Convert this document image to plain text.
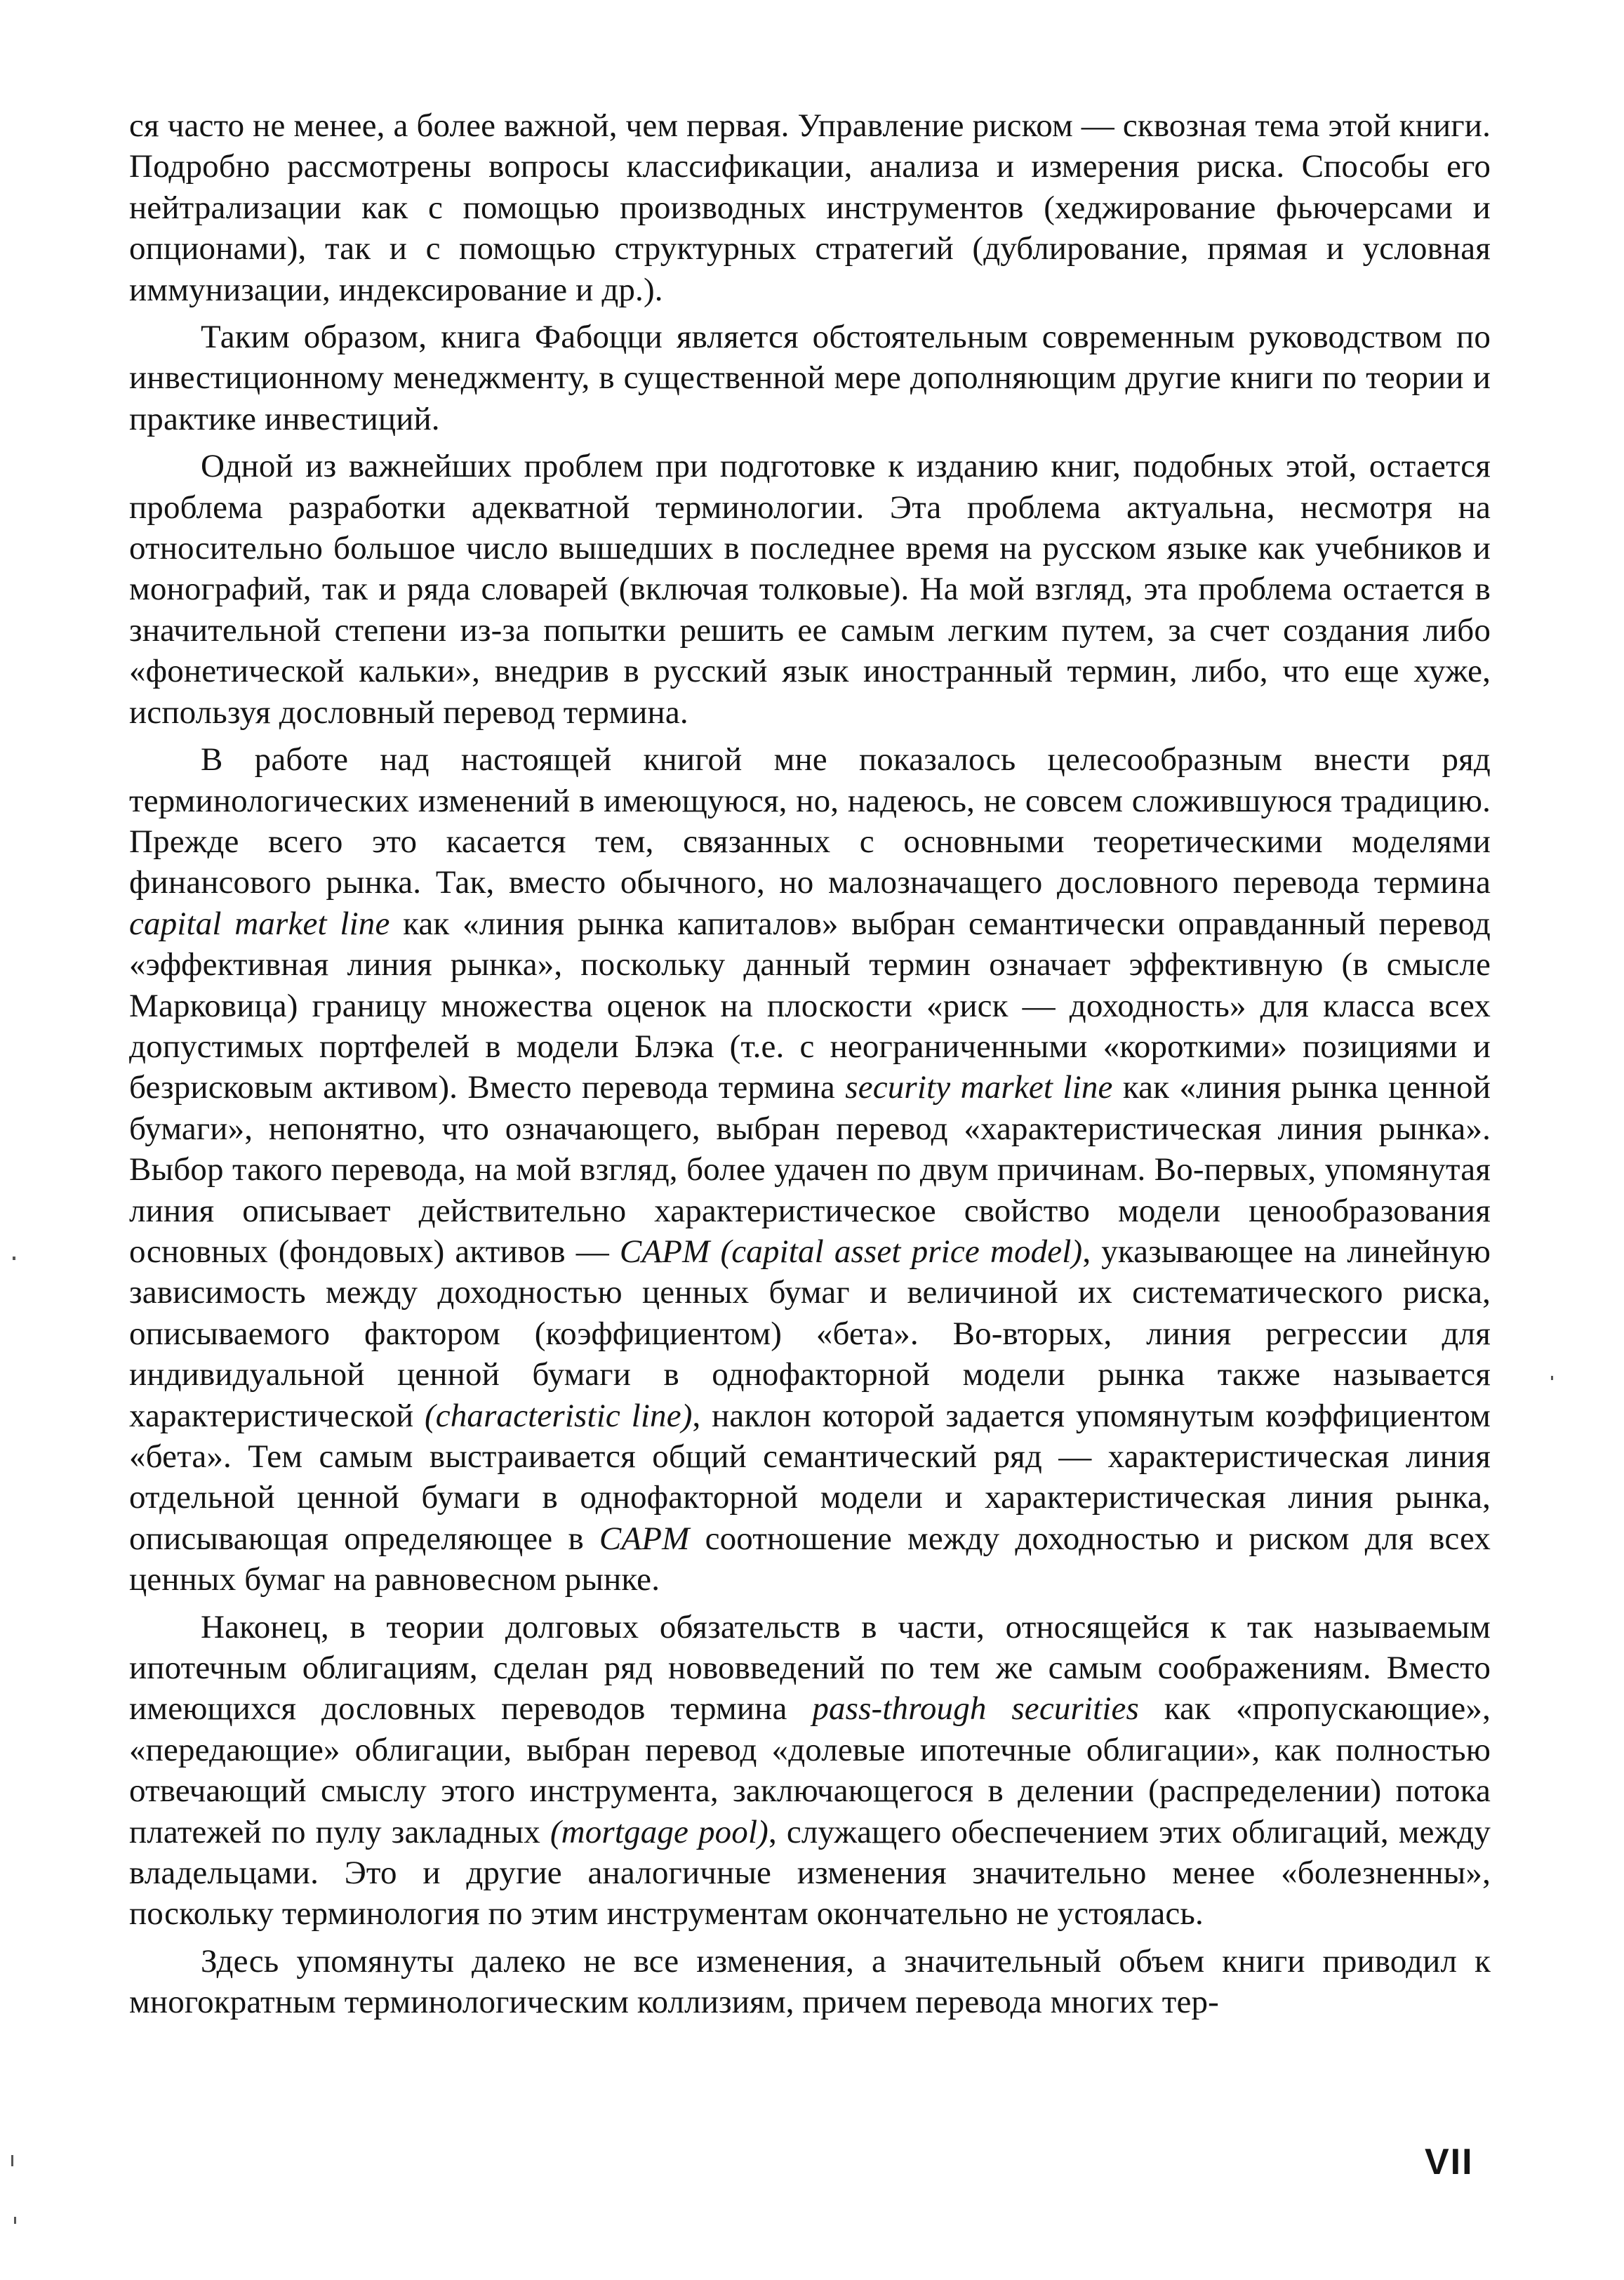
ся часто не менее, а более важной, чем первая. Управление риском — сквозная тема этой книги. Подробно рассмотрены вопросы классификации, анализа и измерения риска. Способы его нейтрализации как с помощью производных инструментов (хеджирование фьючерсами и опционами), так и с помощью структурных стратегий (дублирование, прямая и условная иммунизации, индексирование и др.).

Таким образом, книга Фабоцци является обстоятельным современным руководством по инвестиционному менеджменту, в существенной мере дополняющим другие книги по теории и практике инвестиций.

Одной из важнейших проблем при подготовке к изданию книг, подобных этой, остается проблема разработки адекватной терминологии. Эта проблема актуальна, несмотря на относительно большое число вышедших в последнее время на русском языке как учебников и монографий, так и ряда словарей (включая толковые). На мой взгляд, эта проблема остается в значительной степени из-за попытки решить ее самым легким путем, за счет создания либо «фонетической кальки», внедрив в русский язык иностранный термин, либо, что еще хуже, используя дословный перевод термина.

В работе над настоящей книгой мне показалось целесообразным внести ряд терминологических изменений в имеющуюся, но, надеюсь, не совсем сложившуюся традицию. Прежде всего это касается тем, связанных с основными теоретическими моделями финансового рынка. Так, вместо обычного, но малозначащего дословного перевода термина capital market line как «линия рынка капиталов» выбран семантически оправданный перевод «эффективная линия рынка», поскольку данный термин означает эффективную (в смысле Марковица) границу множества оценок на плоскости «риск — доходность» для класса всех допустимых портфелей в модели Блэка (т.е. с неограниченными «короткими» позициями и безрисковым активом). Вместо перевода термина security market line как «линия рынка ценной бумаги», непонятно, что означающего, выбран перевод «характеристическая линия рынка». Выбор такого перевода, на мой взгляд, более удачен по двум причинам. Во-первых, упомянутая линия описывает действительно характеристическое свойство модели ценообразования основных (фондовых) активов — CAPM (capital asset price model), указывающее на линейную зависимость между доходностью ценных бумаг и величиной их систематического риска, описываемого фактором (коэффициентом) «бета». Во-вторых, линия регрессии для индивидуальной ценной бумаги в однофакторной модели рынка также называется характеристической (characteristic line), наклон которой задается упомянутым коэффициентом «бета». Тем самым выстраивается общий семантический ряд — характеристическая линия отдельной ценной бумаги в однофакторной модели и характеристическая линия рынка, описывающая определяющее в CAPM соотношение между доходностью и риском для всех ценных бумаг на равновесном рынке.

Наконец, в теории долговых обязательств в части, относящейся к так называемым ипотечным облигациям, сделан ряд нововведений по тем же самым соображениям. Вместо имеющихся дословных переводов термина pass-through securities как «пропускающие», «передающие» облигации, выбран перевод «долевые ипотечные облигации», как полностью отвечающий смыслу этого инструмента, заключающегося в делении (распределении) потока платежей по пулу закладных (mortgage pool), служащего обеспечением этих облигаций, между владельцами. Это и другие аналогичные изменения значительно менее «болезненны», поскольку терминология по этим инструментам окончательно не устоялась.

Здесь упомянуты далеко не все изменения, а значительный объем книги приводил к многократным терминологическим коллизиям, причем перевода многих тер-

VII
